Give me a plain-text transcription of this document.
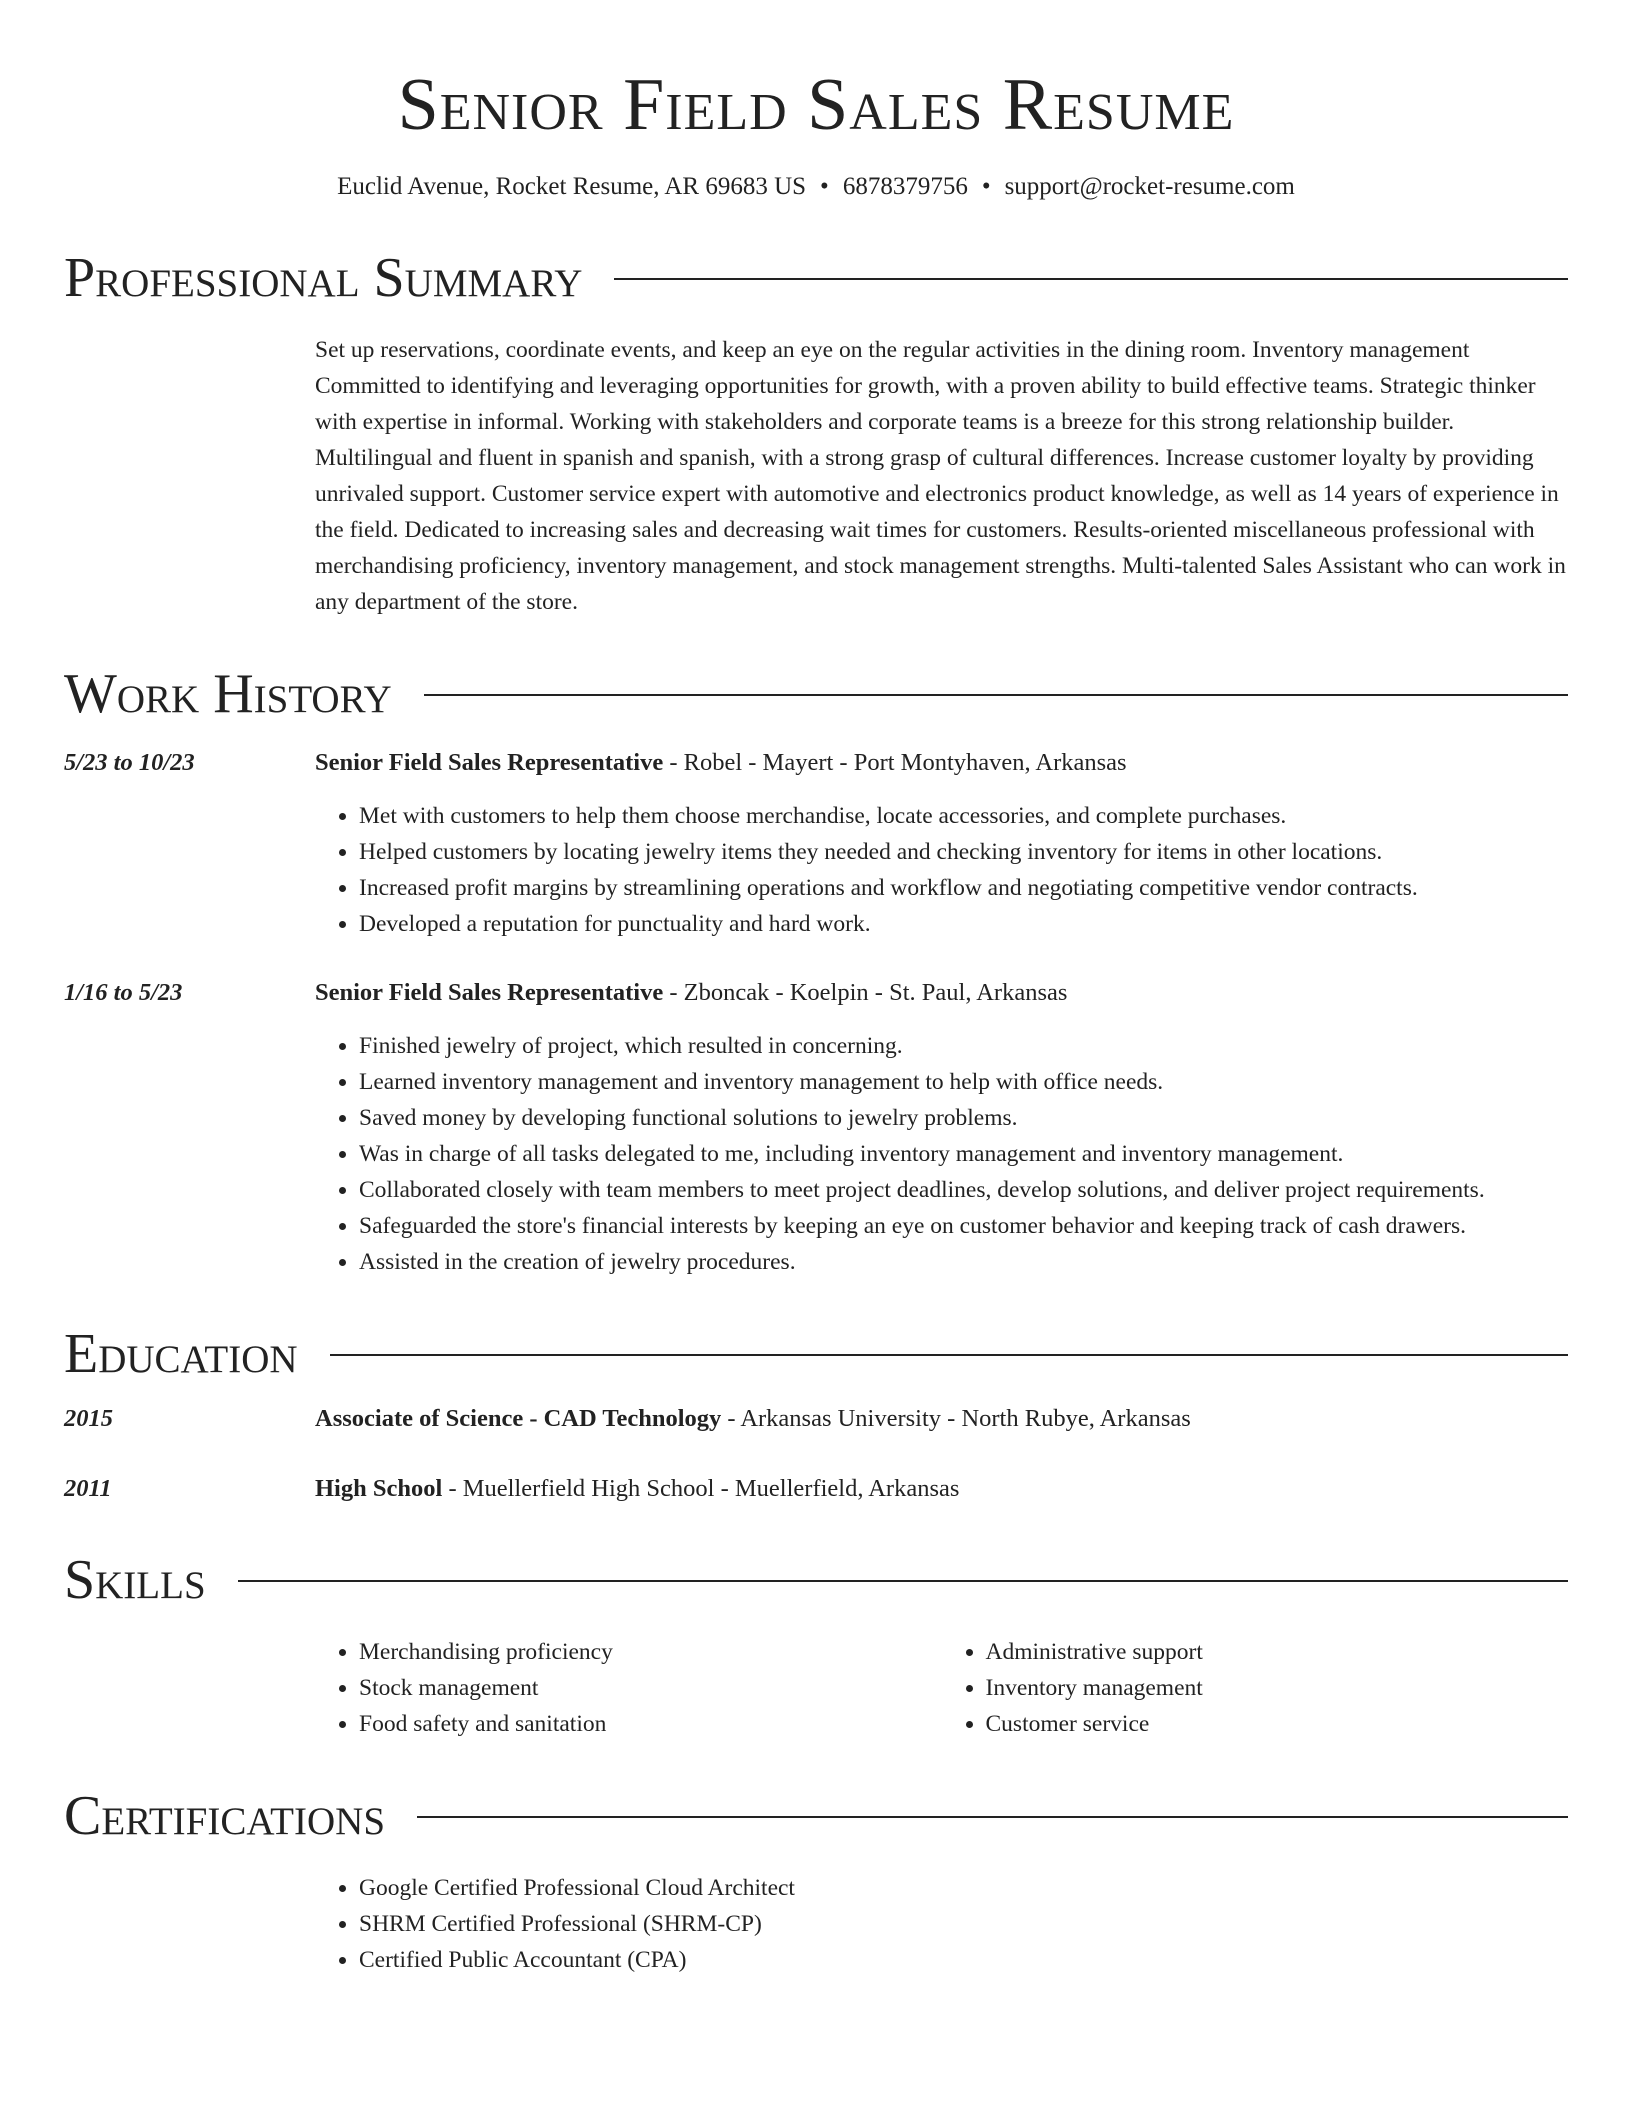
Senior Field Sales Resume
Euclid Avenue, Rocket Resume, AR 69683 US • 6878379756 • support@rocket-resume.com
Professional Summary
Set up reservations, coordinate events, and keep an eye on the regular activities in the dining room. Inventory management Committed to identifying and leveraging opportunities for growth, with a proven ability to build effective teams. Strategic thinker with expertise in informal. Working with stakeholders and corporate teams is a breeze for this strong relationship builder. Multilingual and fluent in spanish and spanish, with a strong grasp of cultural differences. Increase customer loyalty by providing unrivaled support. Customer service expert with automotive and electronics product knowledge, as well as 14 years of experience in the field. Dedicated to increasing sales and decreasing wait times for customers. Results-oriented miscellaneous professional with merchandising proficiency, inventory management, and stock management strengths. Multi-talented Sales Assistant who can work in any department of the store.
Work History
5/23 to 10/23	Senior Field Sales Representative - Robel - Mayert - Port Montyhaven, Arkansas
• Met with customers to help them choose merchandise, locate accessories, and complete purchases.
• Helped customers by locating jewelry items they needed and checking inventory for items in other locations.
• Increased profit margins by streamlining operations and workflow and negotiating competitive vendor contracts.
• Developed a reputation for punctuality and hard work.
1/16 to 5/23	Senior Field Sales Representative - Zboncak - Koelpin - St. Paul, Arkansas
• Finished jewelry of project, which resulted in concerning.
• Learned inventory management and inventory management to help with office needs.
• Saved money by developing functional solutions to jewelry problems.
• Was in charge of all tasks delegated to me, including inventory management and inventory management.
• Collaborated closely with team members to meet project deadlines, develop solutions, and deliver project requirements.
• Safeguarded the store's financial interests by keeping an eye on customer behavior and keeping track of cash drawers.
• Assisted in the creation of jewelry procedures.
Education
2015	Associate of Science - CAD Technology - Arkansas University - North Rubye, Arkansas
2011	High School - Muellerfield High School - Muellerfield, Arkansas
Skills
• Merchandising proficiency
• Stock management
• Food safety and sanitation
• Administrative support
• Inventory management
• Customer service
Certifications
• Google Certified Professional Cloud Architect
• SHRM Certified Professional (SHRM-CP)
• Certified Public Accountant (CPA)
